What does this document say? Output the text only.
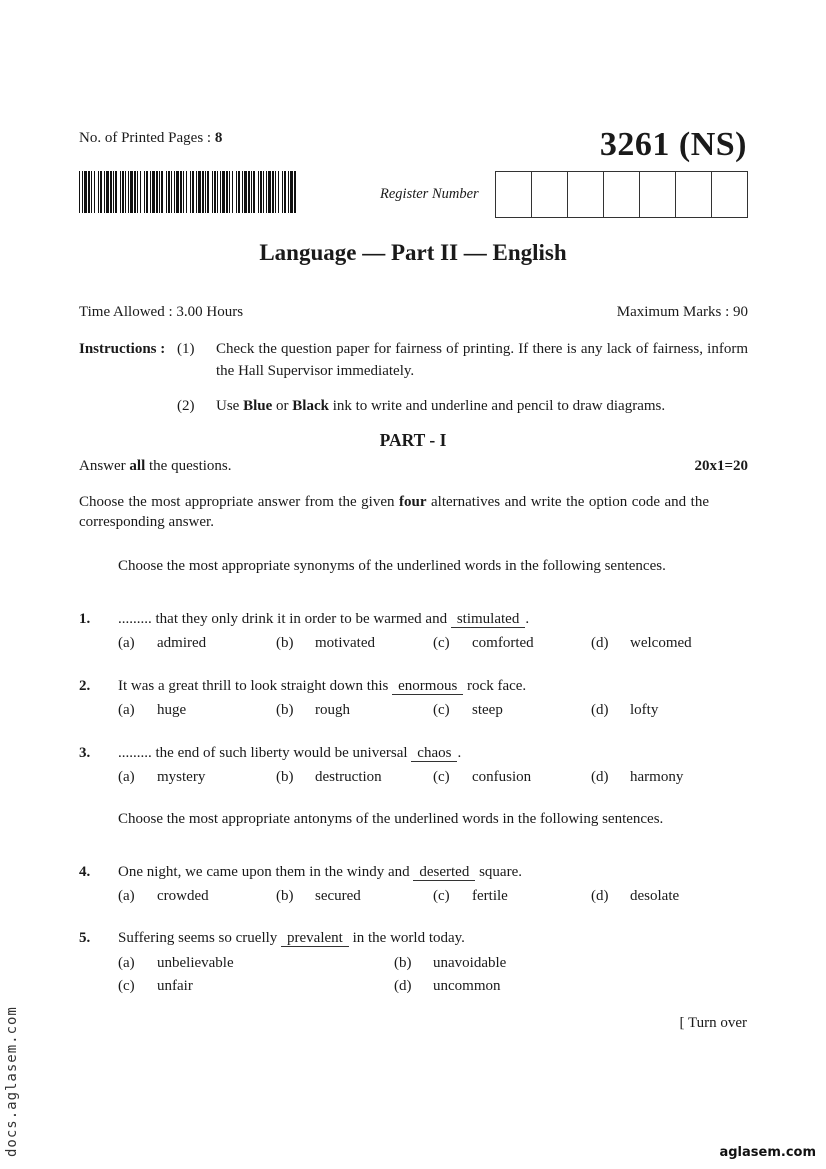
No. of Printed Pages : 8	3261 (NS)
Register Number
Language — Part II — English
Time Allowed : 3.00 Hours	Maximum Marks : 90
Instructions : (1)	Check the question paper for fairness of printing. If there is any lack of fairness, inform the Hall Supervisor immediately.
(2)	Use Blue or Black ink to write and underline and pencil to draw diagrams.
PART - I
Answer all the questions.	20x1=20
Choose the most appropriate answer from the given four alternatives and write the option code and the corresponding answer.
Choose the most appropriate synonyms of the underlined words in the following sentences.
1. ......... that they only drink it in order to be warmed and stimulated .
(a) admired	(b) motivated	(c) comforted	(d) welcomed
2. It was a great thrill to look straight down this enormous rock face.
(a) huge	(b) rough	(c) steep	(d) lofty
3. ......... the end of such liberty would be universal chaos .
(a) mystery	(b) destruction	(c) confusion	(d) harmony
Choose the most appropriate antonyms of the underlined words in the following sentences.
4. One night, we came upon them in the windy and deserted square.
(a) crowded	(b) secured	(c) fertile	(d) desolate
5. Suffering seems so cruelly prevalent in the world today.
(a) unbelievable	(b) unavoidable
(c) unfair	(d) uncommon
[ Turn over
docs.aglasem.com	aglasem.com
